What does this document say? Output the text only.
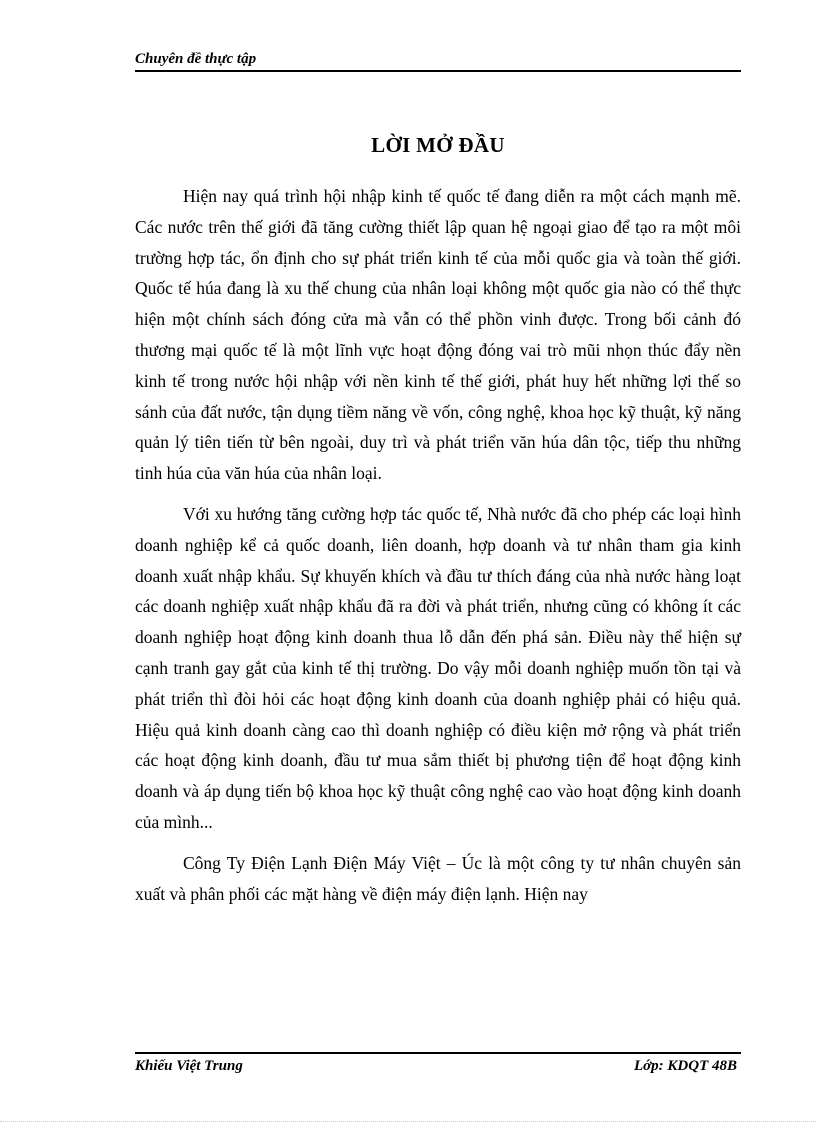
Chuyên đề thực tập
LỜI MỞ ĐẦU

Hiện nay quá trình hội nhập kinh tế quốc tế đang diễn ra một cách mạnh mẽ. Các nước trên thế giới đã tăng cường thiết lập quan hệ ngoại giao để tạo ra một môi trường hợp tác, ổn định cho sự phát triển kinh tế của mỗi quốc gia và toàn thế giới. Quốc tế húa đang là xu thế chung của nhân loại không một quốc gia nào có thể thực hiện một chính sách đóng cửa mà vẫn có thể phồn vinh được. Trong bối cảnh đó thương mại quốc tế là một lĩnh vực hoạt động đóng vai trò mũi nhọn thúc đẩy nền kinh tế trong nước hội nhập với nền kinh tế thế giới, phát huy hết những lợi thế so sánh của đất nước, tận dụng tiềm năng về vốn, công nghệ, khoa học kỹ thuật, kỹ năng quản lý tiên tiến từ bên ngoài, duy trì và phát triển văn húa dân tộc, tiếp thu những tinh húa của văn húa của nhân loại.

Với xu hướng tăng cường hợp tác quốc tế, Nhà nước đã cho phép các loại hình doanh nghiệp kể cả quốc doanh, liên doanh, hợp doanh và tư nhân tham gia kinh doanh xuất nhập khẩu. Sự khuyến khích và đầu tư thích đáng của nhà nước hàng loạt các doanh nghiệp xuất nhập khẩu đã ra đời và phát triển, nhưng cũng có không ít các doanh nghiệp hoạt động kinh doanh thua lỗ dẫn đến phá sản. Điều này thể hiện sự cạnh tranh gay gắt của kinh tế thị trường. Do vậy mỗi doanh nghiệp muốn tồn tại và phát triển thì đòi hỏi các hoạt động kinh doanh của doanh nghiệp phải có hiệu quả. Hiệu quả kinh doanh càng cao thì doanh nghiệp có điều kiện mở rộng và phát triển các hoạt động kinh doanh, đầu tư mua sắm thiết bị phương tiện để hoạt động kinh doanh và áp dụng tiến bộ khoa học kỹ thuật công nghệ cao vào hoạt động kinh doanh của mình...

Công Ty Điện Lạnh Điện Máy Việt – Úc là một công ty tư nhân chuyên sản xuất và phân phối các mặt hàng về điện máy điện lạnh. Hiện nay

Khiếu Việt Trung	Lớp: KDQT 48B
